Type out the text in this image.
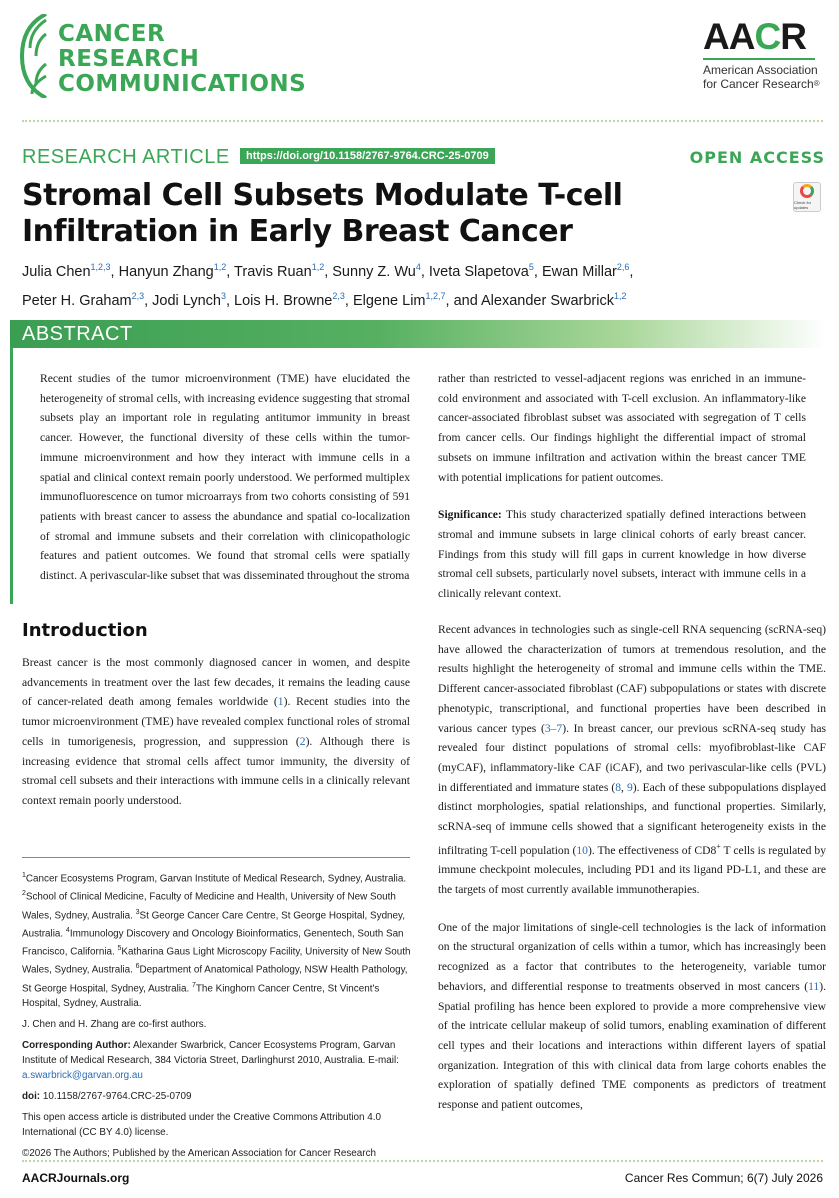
CANCER
RESEARCH
COMMUNICATIONS
AACR
American Association
for Cancer Research®
RESEARCH ARTICLE	https://doi.org/10.1158/2767-9764.CRC-25-0709	OPEN ACCESS
Stromal Cell Subsets Modulate T-cell Infiltration in Early Breast Cancer
Check for updates
Julia Chen$^{1,2,3}$, Hanyun Zhang$^{1,2}$, Travis Ruan$^{1,2}$, Sunny Z. Wu$^4$, Iveta Slapetova$^5$, Ewan Millar$^{2,6}$,
Peter H. Graham$^{2,3}$, Jodi Lynch$^3$, Lois H. Browne$^{2,3}$, Elgene Lim$^{1,2,7}$, and Alexander Swarbrick$^{1,2}$
ABSTRACT

Recent studies of the tumor microenvironment (TME) have elucidated the heterogeneity of stromal cells, with increasing evidence suggesting that stromal subsets play an important role in regulating antitumor immunity in breast cancer. However, the functional diversity of these cells within the tumor-immune microenvironment and how they interact with immune cells in a spatial and clinical context remain poorly understood. We performed multiplex immunofluorescence on tumor microarrays from two cohorts consisting of 591 patients with breast cancer to assess the abundance and spatial co-localization of stromal and immune subsets and their correlation with clinicopathologic features and patient outcomes. We found that stromal cells were spatially distinct. A perivascular-like subset that was disseminated throughout the stroma

rather than restricted to vessel-adjacent regions was enriched in an immune-cold environment and associated with T-cell exclusion. An inflammatory-like cancer-associated fibroblast subset was associated with segregation of T cells from cancer cells. Our findings highlight the differential impact of stromal subsets on immune infiltration and activation within the breast cancer TME with potential implications for patient outcomes.

Significance: This study characterized spatially defined interactions between stromal and immune subsets in large clinical cohorts of early breast cancer. Findings from this study will fill gaps in current knowledge in how diverse stromal cell subsets, particularly novel subsets, interact with immune cells in a clinically relevant context.

Introduction

Breast cancer is the most commonly diagnosed cancer in women, and despite advancements in treatment over the last few decades, it remains the leading cause of cancer-related death among females worldwide (1). Recent studies into the tumor microenvironment (TME) have revealed complex functional roles of stromal cells in tumorigenesis, progression, and suppression (2). Although there is increasing evidence that stromal cells affect tumor immunity, the diversity of stromal cell subsets and their interactions with immune cells in a clinically relevant context remain poorly understood.

Recent advances in technologies such as single-cell RNA sequencing (scRNA-seq) have allowed the characterization of tumors at tremendous resolution, and the results highlight the heterogeneity of stromal and immune cells within the TME. Different cancer-associated fibroblast (CAF) subpopulations or states with discrete phenotypic, transcriptional, and functional properties have been described in various cancer types (3–7). In breast cancer, our previous scRNA-seq study has revealed four distinct populations of stromal cells: myofibroblast-like CAF (myCAF), inflammatory-like CAF (iCAF), and two perivascular-like cells (PVL) in differentiated and immature states (8, 9). Each of these subpopulations displayed distinct morphologies, spatial relationships, and functional properties. Similarly, scRNA-seq of immune cells showed that a significant heterogeneity exists in the infiltrating T-cell population (10). The effectiveness of CD8+ T cells is regulated by immune checkpoint molecules, including PD1 and its ligand PD-L1, and these are the targets of most currently available immunotherapies.

One of the major limitations of single-cell technologies is the lack of information on the structural organization of cells within a tumor, which has increasingly been recognized as a factor that contributes to the heterogeneity, variable tumor behaviors, and differential response to treatments observed in most cancers (11). Spatial profiling has hence been explored to provide a more comprehensive view of the intricate cellular makeup of solid tumors, enabling examination of different cell types and their locations and interactions within different layers of spatial organization. Integration of this with clinical data from large cohorts enables the exploration of spatially defined TME components as predictors of treatment response and patient outcomes,

$^1$Cancer Ecosystems Program, Garvan Institute of Medical Research, Sydney, Australia. $^2$School of Clinical Medicine, Faculty of Medicine and Health, University of New South Wales, Sydney, Australia. $^3$St George Cancer Care Centre, St George Hospital, Sydney, Australia. $^4$Immunology Discovery and Oncology Bioinformatics, Genentech, South San Francisco, California. $^5$Katharina Gaus Light Microscopy Facility, University of New South Wales, Sydney, Australia. $^6$Department of Anatomical Pathology, NSW Health Pathology, St George Hospital, Sydney, Australia. $^7$The Kinghorn Cancer Centre, St Vincent's Hospital, Sydney, Australia.

J. Chen and H. Zhang are co-first authors.

Corresponding Author: Alexander Swarbrick, Cancer Ecosystems Program, Garvan Institute of Medical Research, 384 Victoria Street, Darlinghurst 2010, Australia. E-mail: a.swarbrick@garvan.org.au

doi: 10.1158/2767-9764.CRC-25-0709

This open access article is distributed under the Creative Commons Attribution 4.0 International (CC BY 4.0) license.

©2026 The Authors; Published by the American Association for Cancer Research

AACRJournals.org	Cancer Res Commun; 6(7) July 2026
